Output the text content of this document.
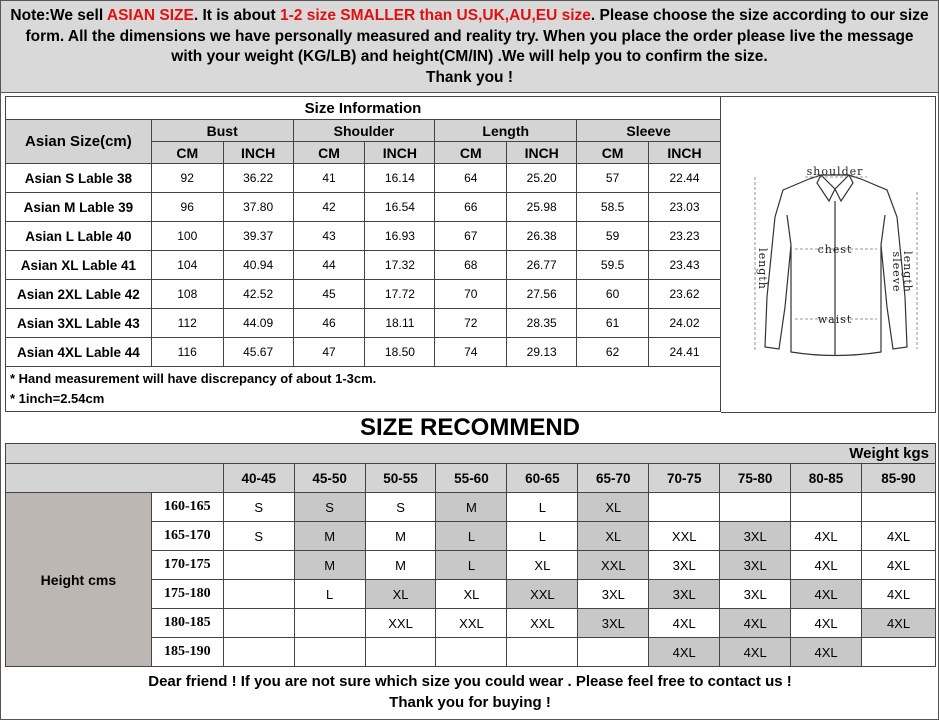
Note:We sell ASIAN SIZE. It is about 1-2 size SMALLER than US,UK,AU,EU size. Please choose the size according to our size form. All the dimensions we have personally measured and reality try. When you place the order please live the message with your weight (KG/LB) and height(CM/IN) .We will help you to confirm the size.
Thank you !
Size Information								
Asian Size(cm)	Bust		Shoulder		Length		Sleeve	
	CM	INCH	CM	INCH	CM	INCH	CM	INCH
Asian S Lable 38	92	36.22	41	16.14	64	25.20	57	22.44
Asian M Lable 39	96	37.80	42	16.54	66	25.98	58.5	23.03
Asian L Lable 40	100	39.37	43	16.93	67	26.38	59	23.23
Asian XL Lable 41	104	40.94	44	17.32	68	26.77	59.5	23.43
Asian 2XL Lable 42	108	42.52	45	17.72	70	27.56	60	23.62
Asian 3XL Lable 43	112	44.09	46	18.11	72	28.35	61	24.02
Asian 4XL Lable 44	116	45.67	47	18.50	74	29.13	62	24.41
* Hand measurement will have discrepancy of about 1-3cm.
* 1inch=2.54cm								
shoulder
chest
waist
length	sleeve
length
SIZE RECOMMEND
Weight kgs											
		40-45	45-50	50-55	55-60	60-65	65-70	70-75	75-80	80-85	85-90
Height cms	160-165	S	S	S	M	L	XL				
	165-170	S	M	M	L	L	XL	XXL	3XL	4XL	4XL
	170-175		M	M	L	XL	XXL	3XL	3XL	4XL	4XL
	175-180		L	XL	XL	XXL	3XL	3XL	3XL	4XL	4XL
	180-185			XXL	XXL	XXL	3XL	4XL	4XL	4XL	4XL
	185-190							4XL	4XL	4XL	
Dear friend ! If you are not sure which size you could wear . Please feel free to contact us !
Thank you for buying !
